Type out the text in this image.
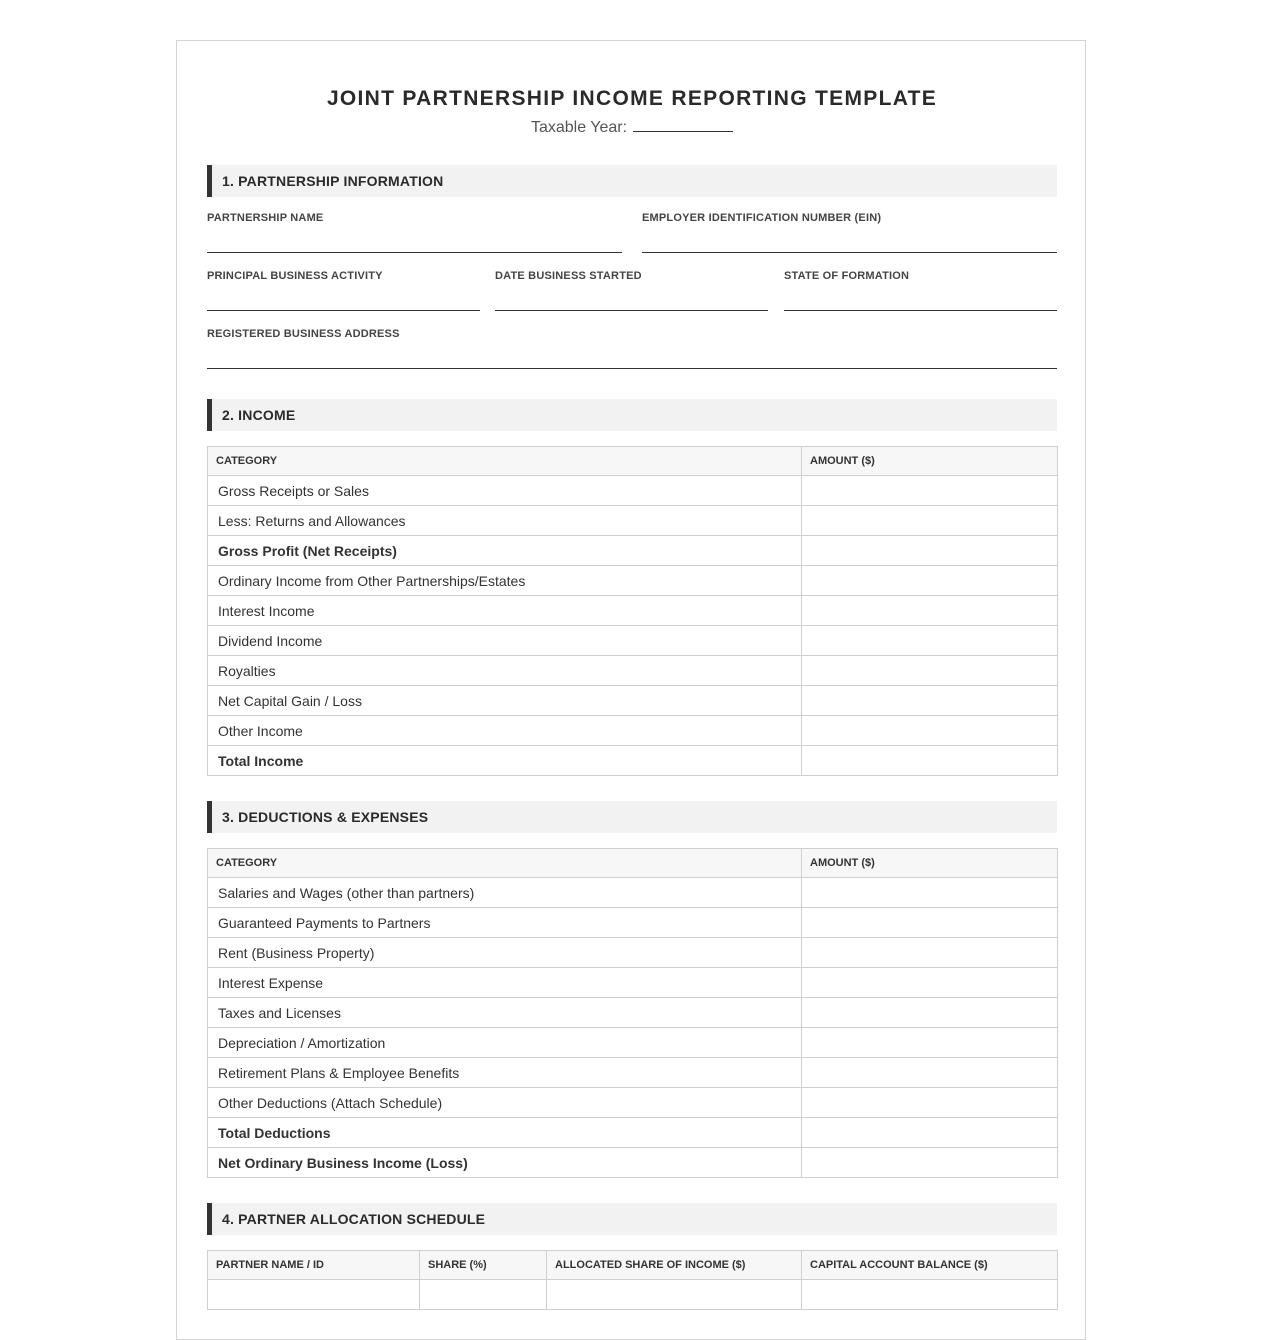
JOINT PARTNERSHIP INCOME REPORTING TEMPLATE
Taxable Year:
1. PARTNERSHIP INFORMATION
PARTNERSHIP NAME	EMPLOYER IDENTIFICATION NUMBER (EIN)
PRINCIPAL BUSINESS ACTIVITY	DATE BUSINESS STARTED	STATE OF FORMATION
REGISTERED BUSINESS ADDRESS
2. INCOME
CATEGORY	AMOUNT ($)
Gross Receipts or Sales	
Less: Returns and Allowances	
Gross Profit (Net Receipts)	
Ordinary Income from Other Partnerships/Estates	
Interest Income	
Dividend Income	
Royalties	
Net Capital Gain / Loss	
Other Income	
Total Income	
3. DEDUCTIONS & EXPENSES
CATEGORY	AMOUNT ($)
Salaries and Wages (other than partners)	
Guaranteed Payments to Partners	
Rent (Business Property)	
Interest Expense	
Taxes and Licenses	
Depreciation / Amortization	
Retirement Plans & Employee Benefits	
Other Deductions (Attach Schedule)	
Total Deductions	
Net Ordinary Business Income (Loss)	
4. PARTNER ALLOCATION SCHEDULE
PARTNER NAME / ID	SHARE (%)	ALLOCATED SHARE OF INCOME ($)	CAPITAL ACCOUNT BALANCE ($)
